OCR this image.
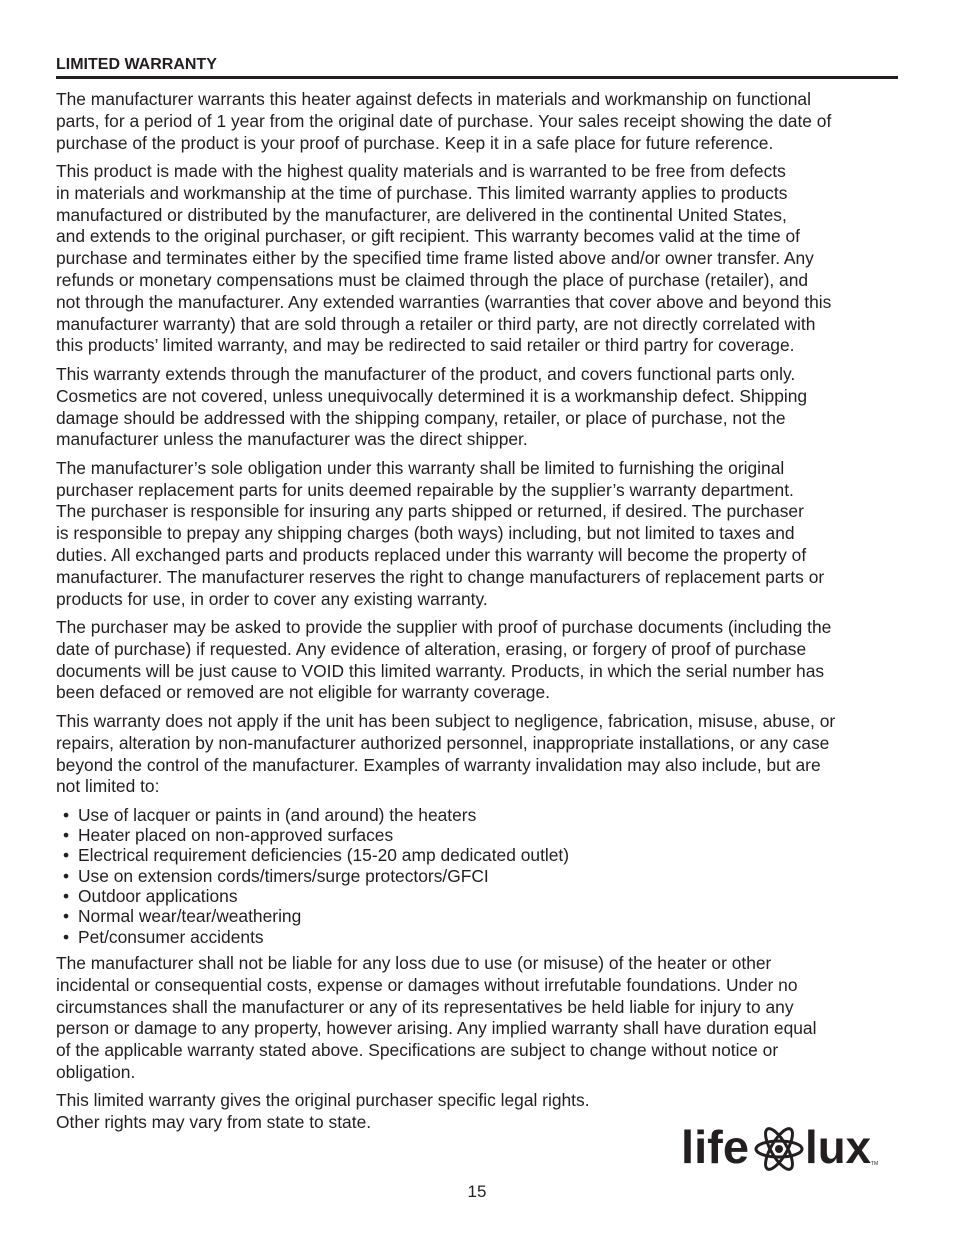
LIMITED WARRANTY

The manufacturer warrants this heater against defects in materials and workmanship on functional
parts, for a period of 1 year from the original date of purchase. Your sales receipt showing the date of
purchase of the product is your proof of purchase. Keep it in a safe place for future reference.

This product is made with the highest quality materials and is warranted to be free from defects
in materials and workmanship at the time of purchase. This limited warranty applies to products
manufactured or distributed by the manufacturer, are delivered in the continental United States,
and extends to the original purchaser, or gift recipient. This warranty becomes valid at the time of
purchase and terminates either by the specified time frame listed above and/or owner transfer. Any
refunds or monetary compensations must be claimed through the place of purchase (retailer), and
not through the manufacturer. Any extended warranties (warranties that cover above and beyond this
manufacturer warranty) that are sold through a retailer or third party, are not directly correlated with
this products’ limited warranty, and may be redirected to said retailer or third partry for coverage.

This warranty extends through the manufacturer of the product, and covers functional parts only.
Cosmetics are not covered, unless unequivocally determined it is a workmanship defect. Shipping
damage should be addressed with the shipping company, retailer, or place of purchase, not the
manufacturer unless the manufacturer was the direct shipper.

The manufacturer’s sole obligation under this warranty shall be limited to furnishing the original
purchaser replacement parts for units deemed repairable by the supplier’s warranty department.
The purchaser is responsible for insuring any parts shipped or returned, if desired. The purchaser
is responsible to prepay any shipping charges (both ways) including, but not limited to taxes and
duties. All exchanged parts and products replaced under this warranty will become the property of
manufacturer. The manufacturer reserves the right to change manufacturers of replacement parts or
products for use, in order to cover any existing warranty.

The purchaser may be asked to provide the supplier with proof of purchase documents (including the
date of purchase) if requested. Any evidence of alteration, erasing, or forgery of proof of purchase
documents will be just cause to VOID this limited warranty. Products, in which the serial number has
been defaced or removed are not eligible for warranty coverage.

This warranty does not apply if the unit has been subject to negligence, fabrication, misuse, abuse, or
repairs, alteration by non-manufacturer authorized personnel, inappropriate installations, or any case
beyond the control of the manufacturer. Examples of warranty invalidation may also include, but are
not limited to:

• Use of lacquer or paints in (and around) the heaters
• Heater placed on non-approved surfaces
• Electrical requirement deficiencies (15-20 amp dedicated outlet)
• Use on extension cords/timers/surge protectors/GFCI
• Outdoor applications
• Normal wear/tear/weathering
• Pet/consumer accidents

The manufacturer shall not be liable for any loss due to use (or misuse) of the heater or other
incidental or consequential costs, expense or damages without irrefutable foundations. Under no
circumstances shall the manufacturer or any of its representatives be held liable for injury to any
person or damage to any property, however arising. Any implied warranty shall have duration equal
of the applicable warranty stated above. Specifications are subject to change without notice or
obligation.

This limited warranty gives the original purchaser specific legal rights.
Other rights may vary from state to state.	life lux TM
15
